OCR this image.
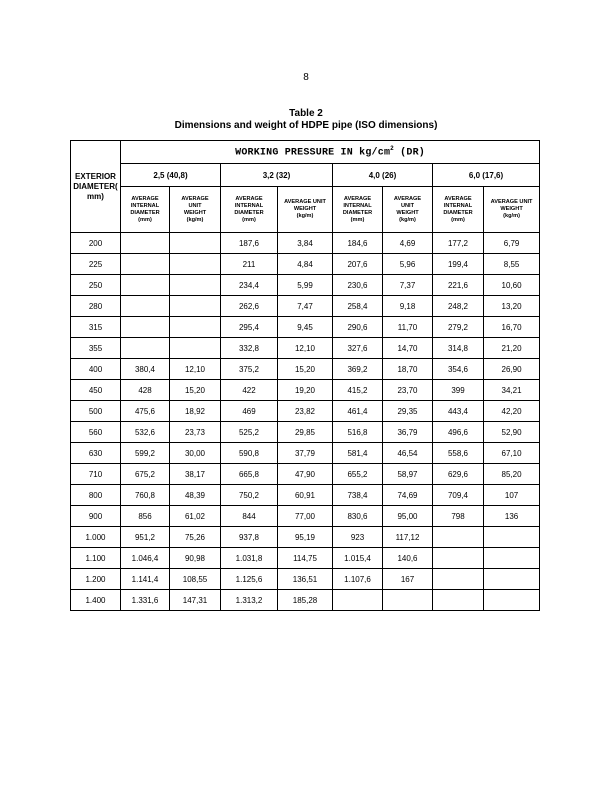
8
Table 2
Dimensions and weight of HDPE pipe (ISO dimensions)
EXTERIOR
DIAMETER(
mm)	WORKING PRESSURE IN $kg/cm^2$ (DR)							
	2,5 (40,8)		3,2 (32)		4,0 (26)		6,0 (17,6)	

	AVERAGE
INTERNAL
DIAMETER
(mm)	AVERAGE
UNIT
WEIGHT
(kg/m)	AVERAGE
INTERNAL
DIAMETER
(mm)	AVERAGE UNIT
WEIGHT
(kg/m)	AVERAGE
INTERNAL
DIAMETER
(mm)	AVERAGE
UNIT
WEIGHT
(kg/m)	AVERAGE
INTERNAL
DIAMETER
(mm)	AVERAGE UNIT
WEIGHT
(kg/m)

200			187,6	3,84	184,6	4,69	177,2	6,79
225			211	4,84	207,6	5,96	199,4	8,55
250			234,4	5,99	230,6	7,37	221,6	10,60
280			262,6	7,47	258,4	9,18	248,2	13,20
315			295,4	9,45	290,6	11,70	279,2	16,70
355			332,8	12,10	327,6	14,70	314,8	21,20
400	380,4	12,10	375,2	15,20	369,2	18,70	354,6	26,90
450	428	15,20	422	19,20	415,2	23,70	399	34,21
500	475,6	18,92	469	23,82	461,4	29,35	443,4	42,20
560	532,6	23,73	525,2	29,85	516,8	36,79	496,6	52,90
630	599,2	30,00	590,8	37,79	581,4	46,54	558,6	67,10
710	675,2	38,17	665,8	47,90	655,2	58,97	629,6	85,20
800	760,8	48,39	750,2	60,91	738,4	74,69	709,4	107
900	856	61,02	844	77,00	830,6	95,00	798	136
1.000	951,2	75,26	937,8	95,19	923	117,12		
1.100	1.046,4	90,98	1.031,8	114,75	1.015,4	140,6		
1.200	1.141,4	108,55	1.125,6	136,51	1.107,6	167		
1.400	1.331,6	147,31	1.313,2	185,28				
